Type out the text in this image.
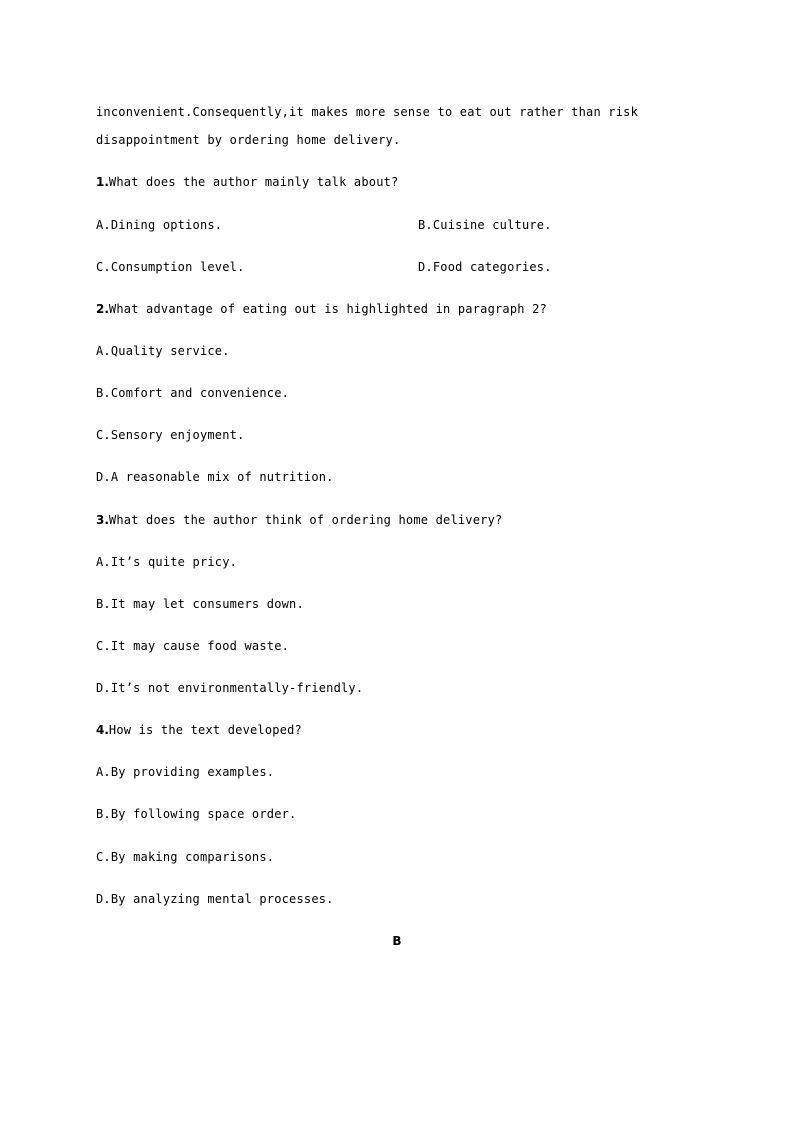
inconvenient.Consequently,it makes more sense to eat out rather than risk
disappointment by ordering home delivery.
1.What does the author mainly talk about?
A.Dining options.	B.Cuisine culture.
C.Consumption level.	D.Food categories.
2.What advantage of eating out is highlighted in paragraph 2?
A.Quality service.
B.Comfort and convenience.
C.Sensory enjoyment.
D.A reasonable mix of nutrition.
3.What does the author think of ordering home delivery?
A.It’s quite pricy.
B.It may let consumers down.
C.It may cause food waste.
D.It’s not environmentally-friendly.
4.How is the text developed?
A.By providing examples.
B.By following space order.
C.By making comparisons.
D.By analyzing mental processes.
B
